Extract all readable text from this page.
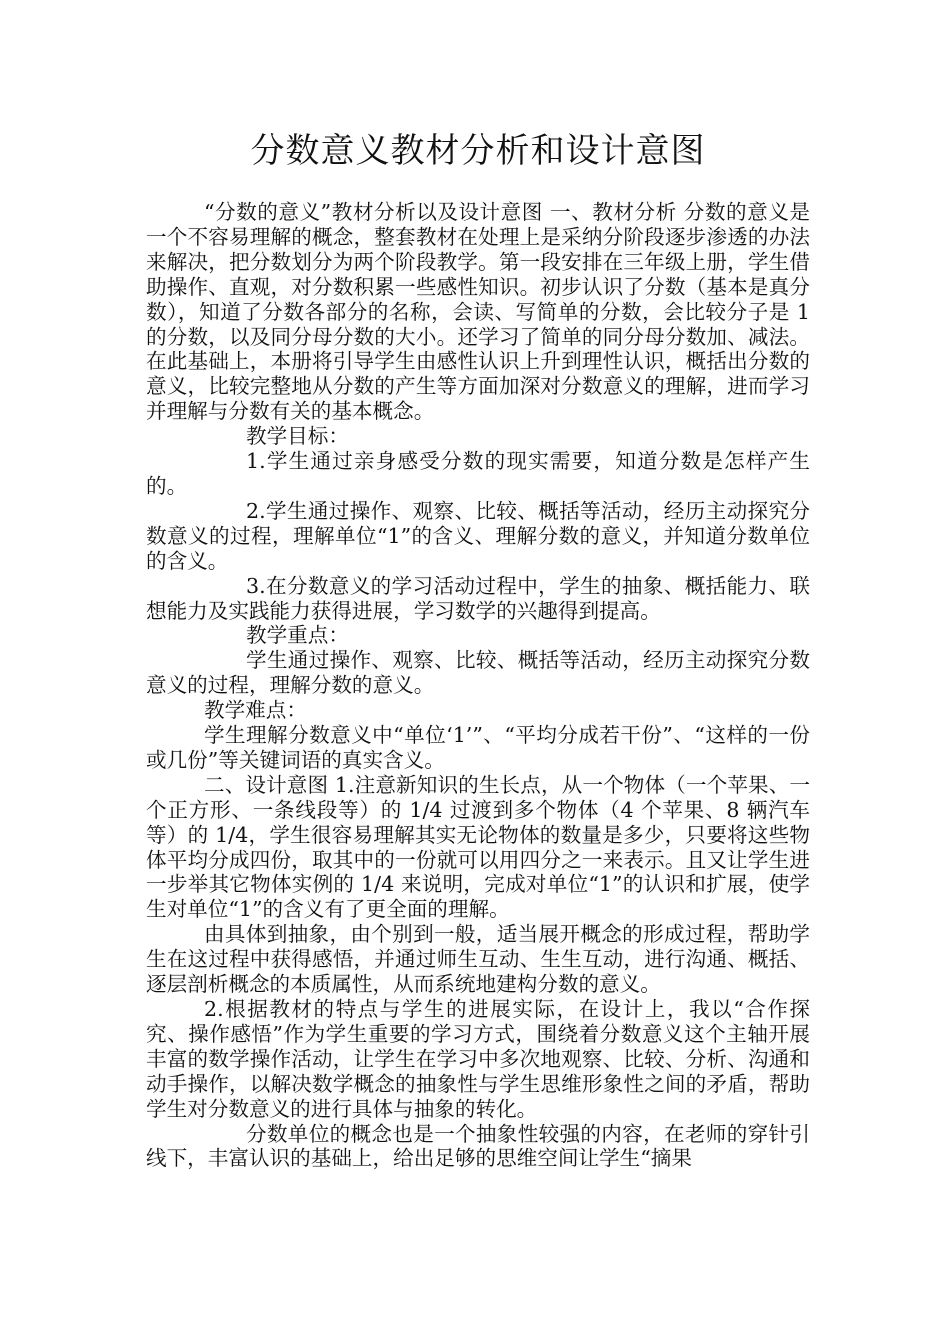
分数意义教材分析和设计意图

“分数的意义”教材分析以及设计意图 一、教材分析 分数的意义是一个不容易理解的概念，整套教材在处理上是采纳分阶段逐步渗透的办法来解决，把分数划分为两个阶段教学。第一段安排在三年级上册，学生借助操作、直观，对分数积累一些感性知识。初步认识了分数（基本是真分数），知道了分数各部分的名称，会读、写简单的分数，会比较分子是 1 的分数，以及同分母分数的大小。还学习了简单的同分母分数加、减法。在此基础上，本册将引导学生由感性认识上升到理性认识，概括出分数的意义，比较完整地从分数的产生等方面加深对分数意义的理解，进而学习并理解与分数有关的基本概念。

教学目标：

1.学生通过亲身感受分数的现实需要，知道分数是怎样产生的。

2.学生通过操作、观察、比较、概括等活动，经历主动探究分数意义的过程，理解单位“1”的含义、理解分数的意义，并知道分数单位的含义。

3.在分数意义的学习活动过程中，学生的抽象、概括能力、联想能力及实践能力获得进展，学习数学的兴趣得到提高。

教学重点：

学生通过操作、观察、比较、概括等活动，经历主动探究分数意义的过程，理解分数的意义。

教学难点：

学生理解分数意义中“单位‘1’”、“平均分成若干份”、“这样的一份或几份”等关键词语的真实含义。

二、设计意图 1.注意新知识的生长点，从一个物体（一个苹果、一个正方形、一条线段等）的 1/4 过渡到多个物体（4 个苹果、8 辆汽车等）的 1/4，学生很容易理解其实无论物体的数量是多少，只要将这些物体平均分成四份，取其中的一份就可以用四分之一来表示。且又让学生进一步举其它物体实例的 1/4 来说明，完成对单位“1”的认识和扩展，使学生对单位“1”的含义有了更全面的理解。

由具体到抽象，由个别到一般，适当展开概念的形成过程，帮助学生在这过程中获得感悟，并通过师生互动、生生互动，进行沟通、概括、逐层剖析概念的本质属性，从而系统地建构分数的意义。

2.根据教材的特点与学生的进展实际，在设计上，我以“合作探究、操作感悟”作为学生重要的学习方式，围绕着分数意义这个主轴开展丰富的数学操作活动，让学生在学习中多次地观察、比较、分析、沟通和动手操作，以解决数学概念的抽象性与学生思维形象性之间的矛盾，帮助学生对分数意义的进行具体与抽象的转化。

分数单位的概念也是一个抽象性较强的内容，在老师的穿针引线下，丰富认识的基础上，给出足够的思维空间让学生“摘果
